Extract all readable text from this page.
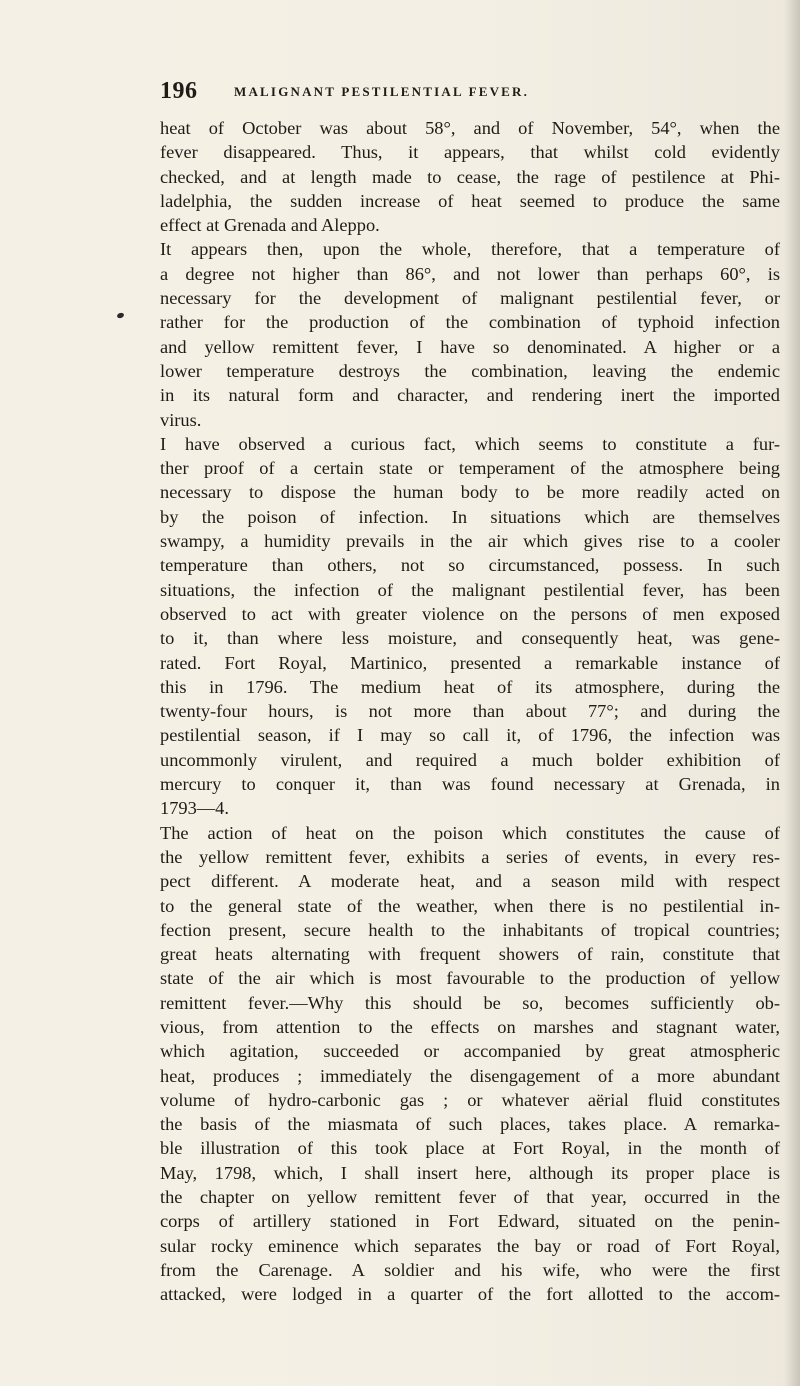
196	MALIGNANT PESTILENTIAL FEVER.
heat of October was about 58°, and of November, 54°, when the
fever disappeared. Thus, it appears, that whilst cold evidently
checked, and at length made to cease, the rage of pestilence at Phi-
ladelphia, the sudden increase of heat seemed to produce the same
effect at Grenada and Aleppo.
It appears then, upon the whole, therefore, that a temperature of
a degree not higher than 86°, and not lower than perhaps 60°, is
necessary for the development of malignant pestilential fever, or
rather for the production of the combination of typhoid infection
and yellow remittent fever, I have so denominated. A higher or a
lower temperature destroys the combination, leaving the endemic
in its natural form and character, and rendering inert the imported
virus.
I have observed a curious fact, which seems to constitute a fur-
ther proof of a certain state or temperament of the atmosphere being
necessary to dispose the human body to be more readily acted on
by the poison of infection. In situations which are themselves
swampy, a humidity prevails in the air which gives rise to a cooler
temperature than others, not so circumstanced, possess. In such
situations, the infection of the malignant pestilential fever, has been
observed to act with greater violence on the persons of men exposed
to it, than where less moisture, and consequently heat, was gene-
rated. Fort Royal, Martinico, presented a remarkable instance of
this in 1796. The medium heat of its atmosphere, during the
twenty-four hours, is not more than about 77°; and during the
pestilential season, if I may so call it, of 1796, the infection was
uncommonly virulent, and required a much bolder exhibition of
mercury to conquer it, than was found necessary at Grenada, in
1793—4.
The action of heat on the poison which constitutes the cause of
the yellow remittent fever, exhibits a series of events, in every res-
pect different. A moderate heat, and a season mild with respect
to the general state of the weather, when there is no pestilential in-
fection present, secure health to the inhabitants of tropical countries;
great heats alternating with frequent showers of rain, constitute that
state of the air which is most favourable to the production of yellow
remittent fever.—Why this should be so, becomes sufficiently ob-
vious, from attention to the effects on marshes and stagnant water,
which agitation, succeeded or accompanied by great atmospheric
heat, produces ; immediately the disengagement of a more abundant
volume of hydro-carbonic gas ; or whatever aërial fluid constitutes
the basis of the miasmata of such places, takes place. A remarka-
ble illustration of this took place at Fort Royal, in the month of
May, 1798, which, I shall insert here, although its proper place is
the chapter on yellow remittent fever of that year, occurred in the
corps of artillery stationed in Fort Edward, situated on the penin-
sular rocky eminence which separates the bay or road of Fort Royal,
from the Carenage. A soldier and his wife, who were the first
attacked, were lodged in a quarter of the fort allotted to the accom-
